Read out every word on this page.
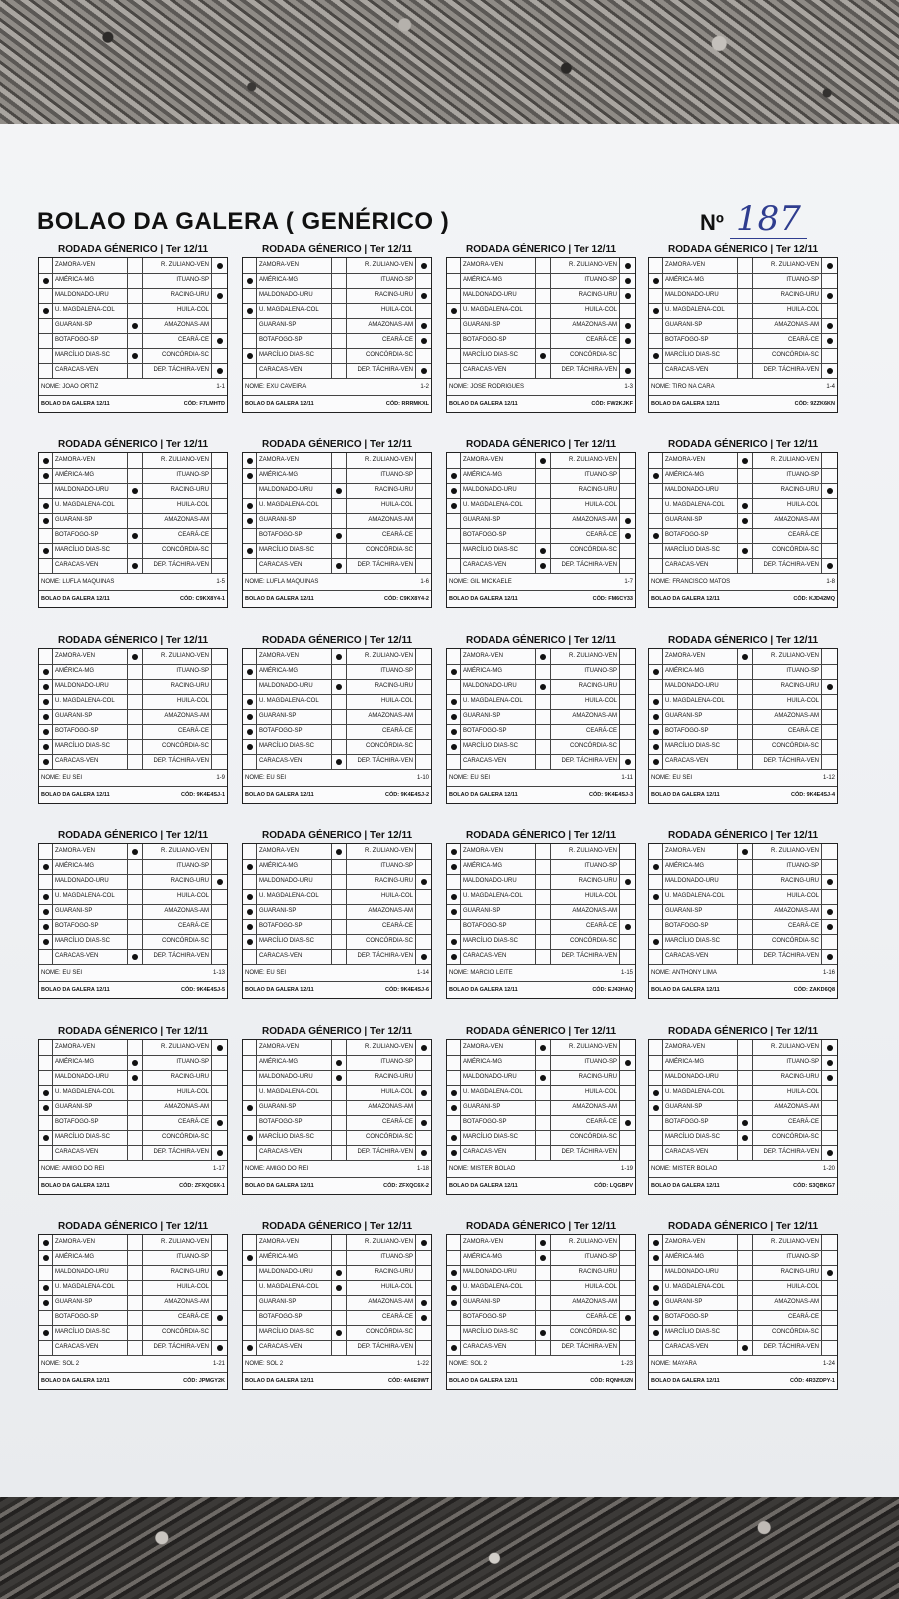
BOLAO DA GALERA ( GENÉRICO )	Nº 187
RODADA GÉNERICO | Ter 12/11
ZAMORA-VEN	R. ZULIANO-VEN
AMÉRICA-MG	ITUANO-SP
MALDONADO-URU	RACING-URU
U. MAGDALENA-COL	HUILA-COL
GUARANI-SP	AMAZONAS-AM
BOTAFOGO-SP	CEARÁ-CE
MARCÍLIO DIAS-SC	CONCÓRDIA-SC
CARACAS-VEN	DEP. TÁCHIRA-VEN
NOME: JOAO ORTIZ	1-1
BOLAO DA GALERA 12/11	CÓD: F7LMHTD
RODADA GÉNERICO | Ter 12/11
ZAMORA-VEN	R. ZULIANO-VEN
AMÉRICA-MG	ITUANO-SP
MALDONADO-URU	RACING-URU
U. MAGDALENA-COL	HUILA-COL
GUARANI-SP	AMAZONAS-AM
BOTAFOGO-SP	CEARÁ-CE
MARCÍLIO DIAS-SC	CONCÓRDIA-SC
CARACAS-VEN	DEP. TÁCHIRA-VEN
NOME: EXU CAVEIRA	1-2
BOLAO DA GALERA 12/11	CÓD: RRRMKXL
RODADA GÉNERICO | Ter 12/11
ZAMORA-VEN	R. ZULIANO-VEN
AMÉRICA-MG	ITUANO-SP
MALDONADO-URU	RACING-URU
U. MAGDALENA-COL	HUILA-COL
GUARANI-SP	AMAZONAS-AM
BOTAFOGO-SP	CEARÁ-CE
MARCÍLIO DIAS-SC	CONCÓRDIA-SC
CARACAS-VEN	DEP. TÁCHIRA-VEN
NOME: JOSE RODRIGUES	1-3
BOLAO DA GALERA 12/11	CÓD: FW2KJKF
RODADA GÉNERICO | Ter 12/11
ZAMORA-VEN	R. ZULIANO-VEN
AMÉRICA-MG	ITUANO-SP
MALDONADO-URU	RACING-URU
U. MAGDALENA-COL	HUILA-COL
GUARANI-SP	AMAZONAS-AM
BOTAFOGO-SP	CEARÁ-CE
MARCÍLIO DIAS-SC	CONCÓRDIA-SC
CARACAS-VEN	DEP. TÁCHIRA-VEN
NOME: TIRO NA CARA	1-4
BOLAO DA GALERA 12/11	CÓD: 9ZZK6KN
RODADA GÉNERICO | Ter 12/11
ZAMORA-VEN	R. ZULIANO-VEN
AMÉRICA-MG	ITUANO-SP
MALDONADO-URU	RACING-URU
U. MAGDALENA-COL	HUILA-COL
GUARANI-SP	AMAZONAS-AM
BOTAFOGO-SP	CEARÁ-CE
MARCÍLIO DIAS-SC	CONCÓRDIA-SC
CARACAS-VEN	DEP. TÁCHIRA-VEN
NOME: LUFLA MAQUINAS	1-5
BOLAO DA GALERA 12/11	CÓD: C9KX8Y4-1
RODADA GÉNERICO | Ter 12/11
ZAMORA-VEN	R. ZULIANO-VEN
AMÉRICA-MG	ITUANO-SP
MALDONADO-URU	RACING-URU
U. MAGDALENA-COL	HUILA-COL
GUARANI-SP	AMAZONAS-AM
BOTAFOGO-SP	CEARÁ-CE
MARCÍLIO DIAS-SC	CONCÓRDIA-SC
CARACAS-VEN	DEP. TÁCHIRA-VEN
NOME: LUFLA MAQUINAS	1-6
BOLAO DA GALERA 12/11	CÓD: C9KX8Y4-2
RODADA GÉNERICO | Ter 12/11
ZAMORA-VEN	R. ZULIANO-VEN
AMÉRICA-MG	ITUANO-SP
MALDONADO-URU	RACING-URU
U. MAGDALENA-COL	HUILA-COL
GUARANI-SP	AMAZONAS-AM
BOTAFOGO-SP	CEARÁ-CE
MARCÍLIO DIAS-SC	CONCÓRDIA-SC
CARACAS-VEN	DEP. TÁCHIRA-VEN
NOME: GIL MICKAELE	1-7
BOLAO DA GALERA 12/11	CÓD: FM6CY33
RODADA GÉNERICO | Ter 12/11
ZAMORA-VEN	R. ZULIANO-VEN
AMÉRICA-MG	ITUANO-SP
MALDONADO-URU	RACING-URU
U. MAGDALENA-COL	HUILA-COL
GUARANI-SP	AMAZONAS-AM
BOTAFOGO-SP	CEARÁ-CE
MARCÍLIO DIAS-SC	CONCÓRDIA-SC
CARACAS-VEN	DEP. TÁCHIRA-VEN
NOME: FRANCISCO MATOS	1-8
BOLAO DA GALERA 12/11	CÓD: KJD42MQ
RODADA GÉNERICO | Ter 12/11
ZAMORA-VEN	R. ZULIANO-VEN
AMÉRICA-MG	ITUANO-SP
MALDONADO-URU	RACING-URU
U. MAGDALENA-COL	HUILA-COL
GUARANI-SP	AMAZONAS-AM
BOTAFOGO-SP	CEARÁ-CE
MARCÍLIO DIAS-SC	CONCÓRDIA-SC
CARACAS-VEN	DEP. TÁCHIRA-VEN
NOME: EU SEI	1-9
BOLAO DA GALERA 12/11	CÓD: 9K4E4SJ-1
RODADA GÉNERICO | Ter 12/11
ZAMORA-VEN	R. ZULIANO-VEN
AMÉRICA-MG	ITUANO-SP
MALDONADO-URU	RACING-URU
U. MAGDALENA-COL	HUILA-COL
GUARANI-SP	AMAZONAS-AM
BOTAFOGO-SP	CEARÁ-CE
MARCÍLIO DIAS-SC	CONCÓRDIA-SC
CARACAS-VEN	DEP. TÁCHIRA-VEN
NOME: EU SEI	1-10
BOLAO DA GALERA 12/11	CÓD: 9K4E4SJ-2
RODADA GÉNERICO | Ter 12/11
ZAMORA-VEN	R. ZULIANO-VEN
AMÉRICA-MG	ITUANO-SP
MALDONADO-URU	RACING-URU
U. MAGDALENA-COL	HUILA-COL
GUARANI-SP	AMAZONAS-AM
BOTAFOGO-SP	CEARÁ-CE
MARCÍLIO DIAS-SC	CONCÓRDIA-SC
CARACAS-VEN	DEP. TÁCHIRA-VEN
NOME: EU SEI	1-11
BOLAO DA GALERA 12/11	CÓD: 9K4E4SJ-3
RODADA GÉNERICO | Ter 12/11
ZAMORA-VEN	R. ZULIANO-VEN
AMÉRICA-MG	ITUANO-SP
MALDONADO-URU	RACING-URU
U. MAGDALENA-COL	HUILA-COL
GUARANI-SP	AMAZONAS-AM
BOTAFOGO-SP	CEARÁ-CE
MARCÍLIO DIAS-SC	CONCÓRDIA-SC
CARACAS-VEN	DEP. TÁCHIRA-VEN
NOME: EU SEI	1-12
BOLAO DA GALERA 12/11	CÓD: 9K4E4SJ-4
RODADA GÉNERICO | Ter 12/11
ZAMORA-VEN	R. ZULIANO-VEN
AMÉRICA-MG	ITUANO-SP
MALDONADO-URU	RACING-URU
U. MAGDALENA-COL	HUILA-COL
GUARANI-SP	AMAZONAS-AM
BOTAFOGO-SP	CEARÁ-CE
MARCÍLIO DIAS-SC	CONCÓRDIA-SC
CARACAS-VEN	DEP. TÁCHIRA-VEN
NOME: EU SEI	1-13
BOLAO DA GALERA 12/11	CÓD: 9K4E4SJ-5
RODADA GÉNERICO | Ter 12/11
ZAMORA-VEN	R. ZULIANO-VEN
AMÉRICA-MG	ITUANO-SP
MALDONADO-URU	RACING-URU
U. MAGDALENA-COL	HUILA-COL
GUARANI-SP	AMAZONAS-AM
BOTAFOGO-SP	CEARÁ-CE
MARCÍLIO DIAS-SC	CONCÓRDIA-SC
CARACAS-VEN	DEP. TÁCHIRA-VEN
NOME: EU SEI	1-14
BOLAO DA GALERA 12/11	CÓD: 9K4E4SJ-6
RODADA GÉNERICO | Ter 12/11
ZAMORA-VEN	R. ZULIANO-VEN
AMÉRICA-MG	ITUANO-SP
MALDONADO-URU	RACING-URU
U. MAGDALENA-COL	HUILA-COL
GUARANI-SP	AMAZONAS-AM
BOTAFOGO-SP	CEARÁ-CE
MARCÍLIO DIAS-SC	CONCÓRDIA-SC
CARACAS-VEN	DEP. TÁCHIRA-VEN
NOME: MARCIO LEITE	1-15
BOLAO DA GALERA 12/11	CÓD: EJ43HAQ
RODADA GÉNERICO | Ter 12/11
ZAMORA-VEN	R. ZULIANO-VEN
AMÉRICA-MG	ITUANO-SP
MALDONADO-URU	RACING-URU
U. MAGDALENA-COL	HUILA-COL
GUARANI-SP	AMAZONAS-AM
BOTAFOGO-SP	CEARÁ-CE
MARCÍLIO DIAS-SC	CONCÓRDIA-SC
CARACAS-VEN	DEP. TÁCHIRA-VEN
NOME: ANTHONY LIMA	1-16
BOLAO DA GALERA 12/11	CÓD: ZAKD6Q8
RODADA GÉNERICO | Ter 12/11
ZAMORA-VEN	R. ZULIANO-VEN
AMÉRICA-MG	ITUANO-SP
MALDONADO-URU	RACING-URU
U. MAGDALENA-COL	HUILA-COL
GUARANI-SP	AMAZONAS-AM
BOTAFOGO-SP	CEARÁ-CE
MARCÍLIO DIAS-SC	CONCÓRDIA-SC
CARACAS-VEN	DEP. TÁCHIRA-VEN
NOME: AMIGO DO REI	1-17
BOLAO DA GALERA 12/11	CÓD: ZFXQC6X-1
RODADA GÉNERICO | Ter 12/11
ZAMORA-VEN	R. ZULIANO-VEN
AMÉRICA-MG	ITUANO-SP
MALDONADO-URU	RACING-URU
U. MAGDALENA-COL	HUILA-COL
GUARANI-SP	AMAZONAS-AM
BOTAFOGO-SP	CEARÁ-CE
MARCÍLIO DIAS-SC	CONCÓRDIA-SC
CARACAS-VEN	DEP. TÁCHIRA-VEN
NOME: AMIGO DO REI	1-18
BOLAO DA GALERA 12/11	CÓD: ZFXQC6X-2
RODADA GÉNERICO | Ter 12/11
ZAMORA-VEN	R. ZULIANO-VEN
AMÉRICA-MG	ITUANO-SP
MALDONADO-URU	RACING-URU
U. MAGDALENA-COL	HUILA-COL
GUARANI-SP	AMAZONAS-AM
BOTAFOGO-SP	CEARÁ-CE
MARCÍLIO DIAS-SC	CONCÓRDIA-SC
CARACAS-VEN	DEP. TÁCHIRA-VEN
NOME: MISTER BOLAO	1-19
BOLAO DA GALERA 12/11	CÓD: LQGBPV
RODADA GÉNERICO | Ter 12/11
ZAMORA-VEN	R. ZULIANO-VEN
AMÉRICA-MG	ITUANO-SP
MALDONADO-URU	RACING-URU
U. MAGDALENA-COL	HUILA-COL
GUARANI-SP	AMAZONAS-AM
BOTAFOGO-SP	CEARÁ-CE
MARCÍLIO DIAS-SC	CONCÓRDIA-SC
CARACAS-VEN	DEP. TÁCHIRA-VEN
NOME: MISTER BOLAO	1-20
BOLAO DA GALERA 12/11	CÓD: S3QBKG7
RODADA GÉNERICO | Ter 12/11
ZAMORA-VEN	R. ZULIANO-VEN
AMÉRICA-MG	ITUANO-SP
MALDONADO-URU	RACING-URU
U. MAGDALENA-COL	HUILA-COL
GUARANI-SP	AMAZONAS-AM
BOTAFOGO-SP	CEARÁ-CE
MARCÍLIO DIAS-SC	CONCÓRDIA-SC
CARACAS-VEN	DEP. TÁCHIRA-VEN
NOME: SOL 2	1-21
BOLAO DA GALERA 12/11	CÓD: JPMGY2K
RODADA GÉNERICO | Ter 12/11
ZAMORA-VEN	R. ZULIANO-VEN
AMÉRICA-MG	ITUANO-SP
MALDONADO-URU	RACING-URU
U. MAGDALENA-COL	HUILA-COL
GUARANI-SP	AMAZONAS-AM
BOTAFOGO-SP	CEARÁ-CE
MARCÍLIO DIAS-SC	CONCÓRDIA-SC
CARACAS-VEN	DEP. TÁCHIRA-VEN
NOME: SOL 2	1-22
BOLAO DA GALERA 12/11	CÓD: 4A6E9WT
RODADA GÉNERICO | Ter 12/11
ZAMORA-VEN	R. ZULIANO-VEN
AMÉRICA-MG	ITUANO-SP
MALDONADO-URU	RACING-URU
U. MAGDALENA-COL	HUILA-COL
GUARANI-SP	AMAZONAS-AM
BOTAFOGO-SP	CEARÁ-CE
MARCÍLIO DIAS-SC	CONCÓRDIA-SC
CARACAS-VEN	DEP. TÁCHIRA-VEN
NOME: SOL 2	1-23
BOLAO DA GALERA 12/11	CÓD: RQNHU2N
RODADA GÉNERICO | Ter 12/11
ZAMORA-VEN	R. ZULIANO-VEN
AMÉRICA-MG	ITUANO-SP
MALDONADO-URU	RACING-URU
U. MAGDALENA-COL	HUILA-COL
GUARANI-SP	AMAZONAS-AM
BOTAFOGO-SP	CEARÁ-CE
MARCÍLIO DIAS-SC	CONCÓRDIA-SC
CARACAS-VEN	DEP. TÁCHIRA-VEN
NOME: MAYARA	1-24
BOLAO DA GALERA 12/11	CÓD: 4R3ZDPY-1
